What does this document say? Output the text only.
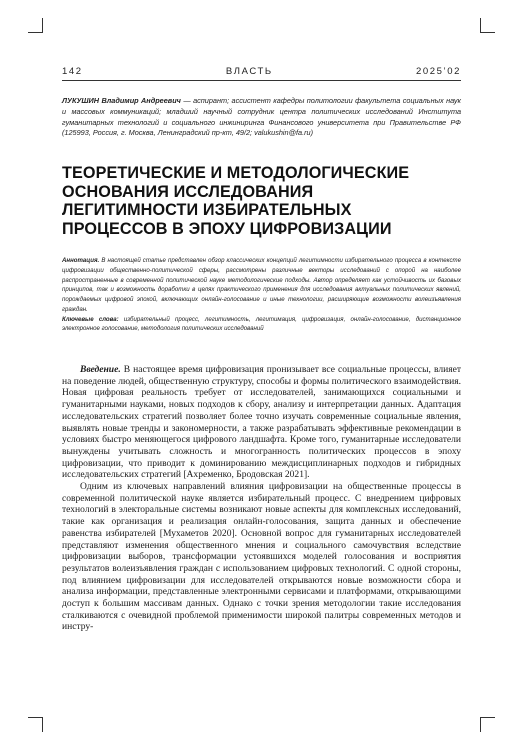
142	ВЛАСТЬ	2025’02
ЛУКУШИН Владимир Андреевич — аспирант; ассистент кафедры политологии факультета социальных наук и массовых коммуникаций; младший научный сотрудник центра политических исследований Института гуманитарных технологий и социального инжиниринга Финансового университета при Правительстве РФ (125993, Россия, г. Москва, Ленинградский пр-кт, 49/2; valukushin@fa.ru)
ТЕОРЕТИЧЕСКИЕ И МЕТОДОЛОГИЧЕСКИЕ
ОСНОВАНИЯ ИССЛЕДОВАНИЯ
ЛЕГИТИМНОСТИ ИЗБИРАТЕЛЬНЫХ
ПРОЦЕССОВ В ЭПОХУ ЦИФРОВИЗАЦИИ

Аннотация. В настоящей статье представлен обзор классических концепций легитимности избирательного процесса в контексте цифровизации общественно-политической сферы, рассмотрены различные векторы исследований с опорой на наиболее распространенные в современной политической науке методологические подходы. Автор определяет как устойчивость их базовых принципов, так и возможность доработки в целях практического применения для исследования актуальных политических явлений, порождаемых цифровой эпохой, включающих онлайн-голосование и иные технологии, расширяющие возможности волеизъявления граждан.

Ключевые слова: избирательный процесс, легитимность, легитимация, цифровизация, онлайн-голосование, дистанционное электронное голосование, методология политических исследований

Введение. В настоящее время цифровизация пронизывает все социальные процессы, влияет на поведение людей, общественную структуру, способы и формы политического взаимодействия. Новая цифровая реальность требует от исследователей, занимающихся социальными и гуманитарными науками, новых подходов к сбору, анализу и интерпретации данных. Адаптация исследовательских стратегий позволяет более точно изучать современные социальные явления, выявлять новые тренды и закономерности, а также разрабатывать эффективные рекомендации в условиях быстро меняющегося цифрового ландшафта. Кроме того, гуманитарные исследователи вынуждены учитывать сложность и многогранность политических процессов в эпоху цифровизации, что приводит к доминированию междисциплинарных подходов и гибридных исследовательских стратегий [Ахременко, Бродовская 2021].

Одним из ключевых направлений влияния цифровизации на общественные процессы в современной политической науке является избирательный процесс. С внедрением цифровых технологий в электоральные системы возникают новые аспекты для комплексных исследований, такие как организация и реализация онлайн-голосования, защита данных и обеспечение равенства избирателей [Мухаметов 2020]. Основной вопрос для гуманитарных исследователей представляют изменения общественного мнения и социального самочувствия вследствие цифровизации выборов, трансформации устоявшихся моделей голосования и восприятия результатов волеизъявления граждан с использованием цифровых технологий. С одной стороны, под влиянием цифровизации для исследователей открываются новые возможности сбора и анализа информации, представленные электронными сервисами и платформами, открывающими доступ к большим массивам данных. Однако с точки зрения методологии такие исследования сталкиваются с очевидной проблемой применимости широкой палитры современных методов и инстру-
